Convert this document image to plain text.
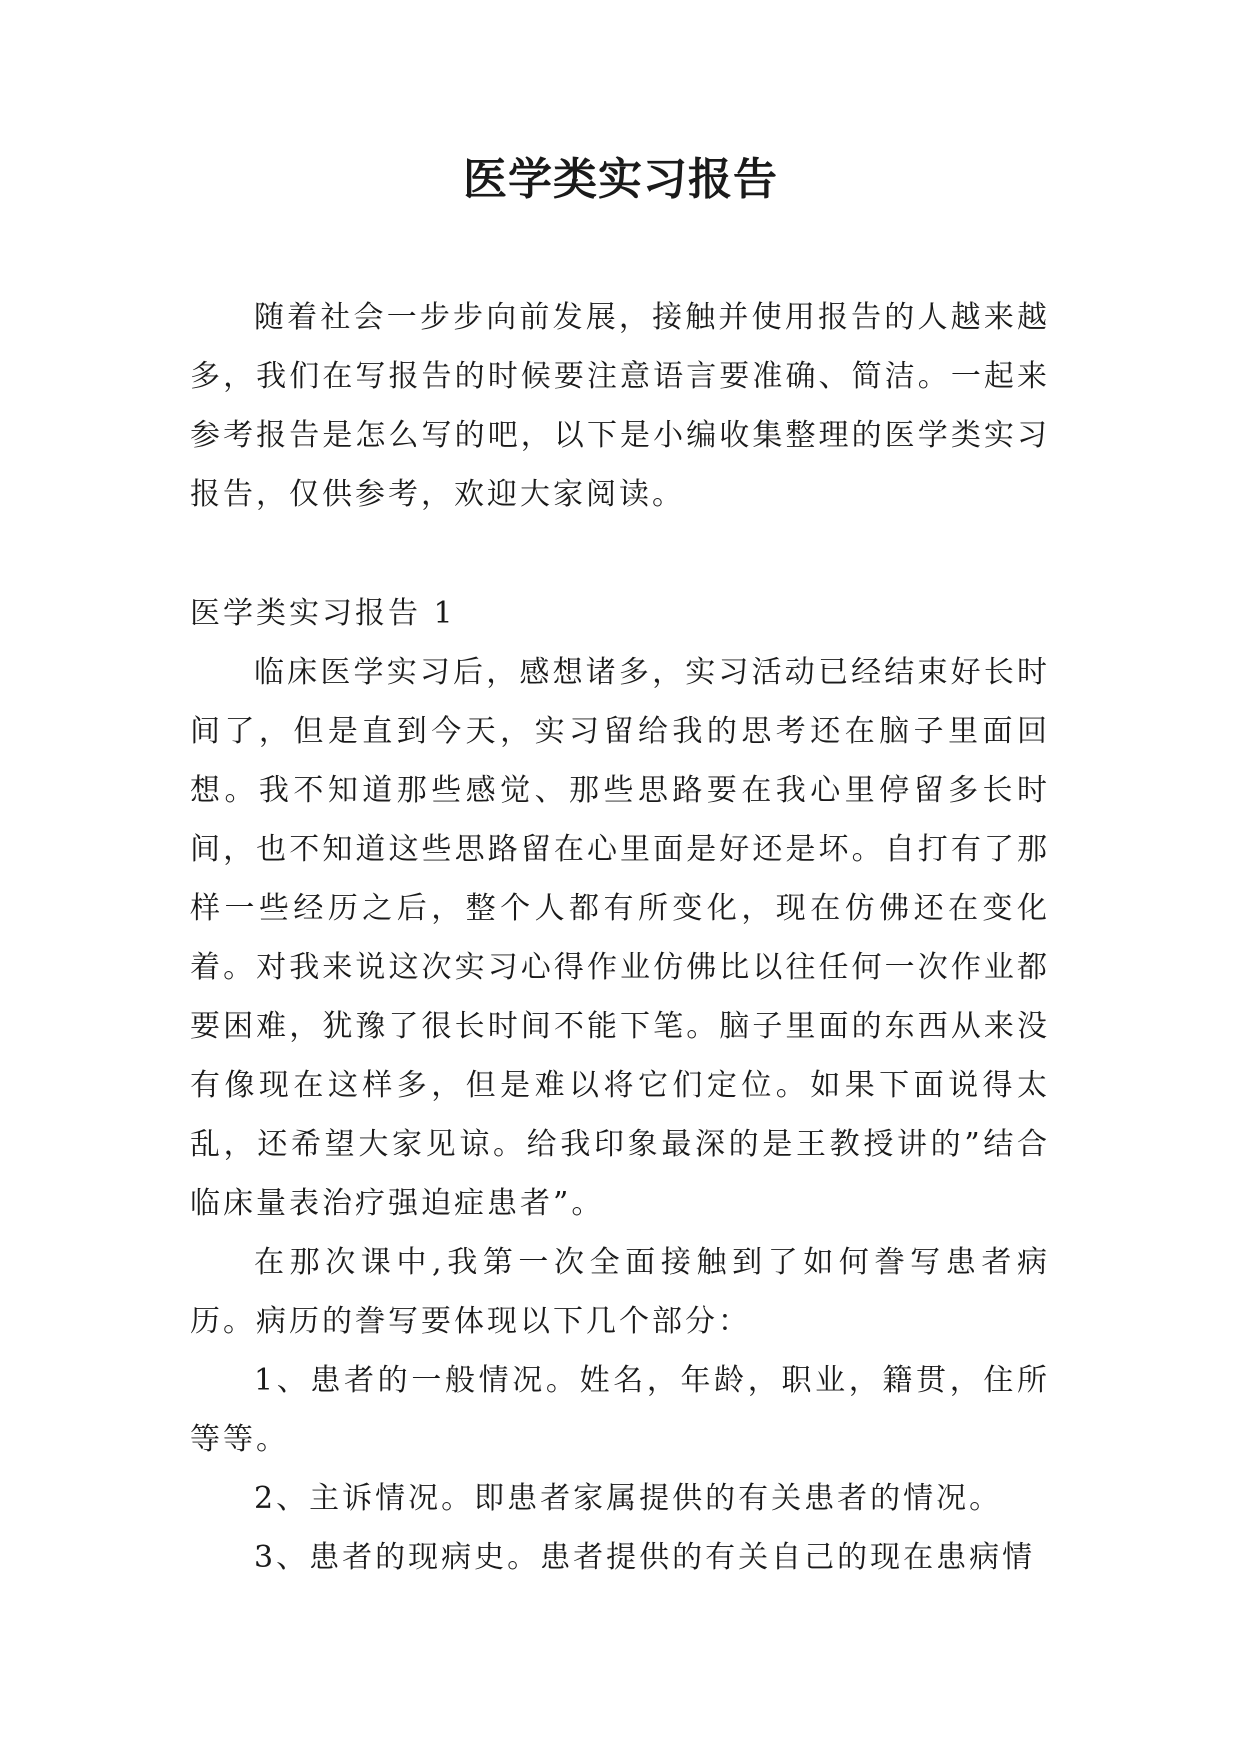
医学类实习报告

随着社会一步步向前发展，接触并使用报告的人越来越多，我们在写报告的时候要注意语言要准确、简洁。一起来参考报告是怎么写的吧，以下是小编收集整理的医学类实习报告，仅供参考，欢迎大家阅读。

医学类实习报告 1

临床医学实习后，感想诸多，实习活动已经结束好长时间了，但是直到今天，实习留给我的思考还在脑子里面回想。我不知道那些感觉、那些思路要在我心里停留多长时间，也不知道这些思路留在心里面是好还是坏。自打有了那样一些经历之后，整个人都有所变化，现在仿佛还在变化着。对我来说这次实习心得作业仿佛比以往任何一次作业都要困难，犹豫了很长时间不能下笔。脑子里面的东西从来没有像现在这样多，但是难以将它们定位。如果下面说得太乱，还希望大家见谅。给我印象最深的是王教授讲的”结合临床量表治疗强迫症患者”。

在那次课中,我第一次全面接触到了如何誊写患者病历。病历的誊写要体现以下几个部分：

1、患者的一般情况。姓名，年龄，职业，籍贯，住所等等。

2、主诉情况。即患者家属提供的有关患者的情况。

3、患者的现病史。患者提供的有关自己的现在患病情
